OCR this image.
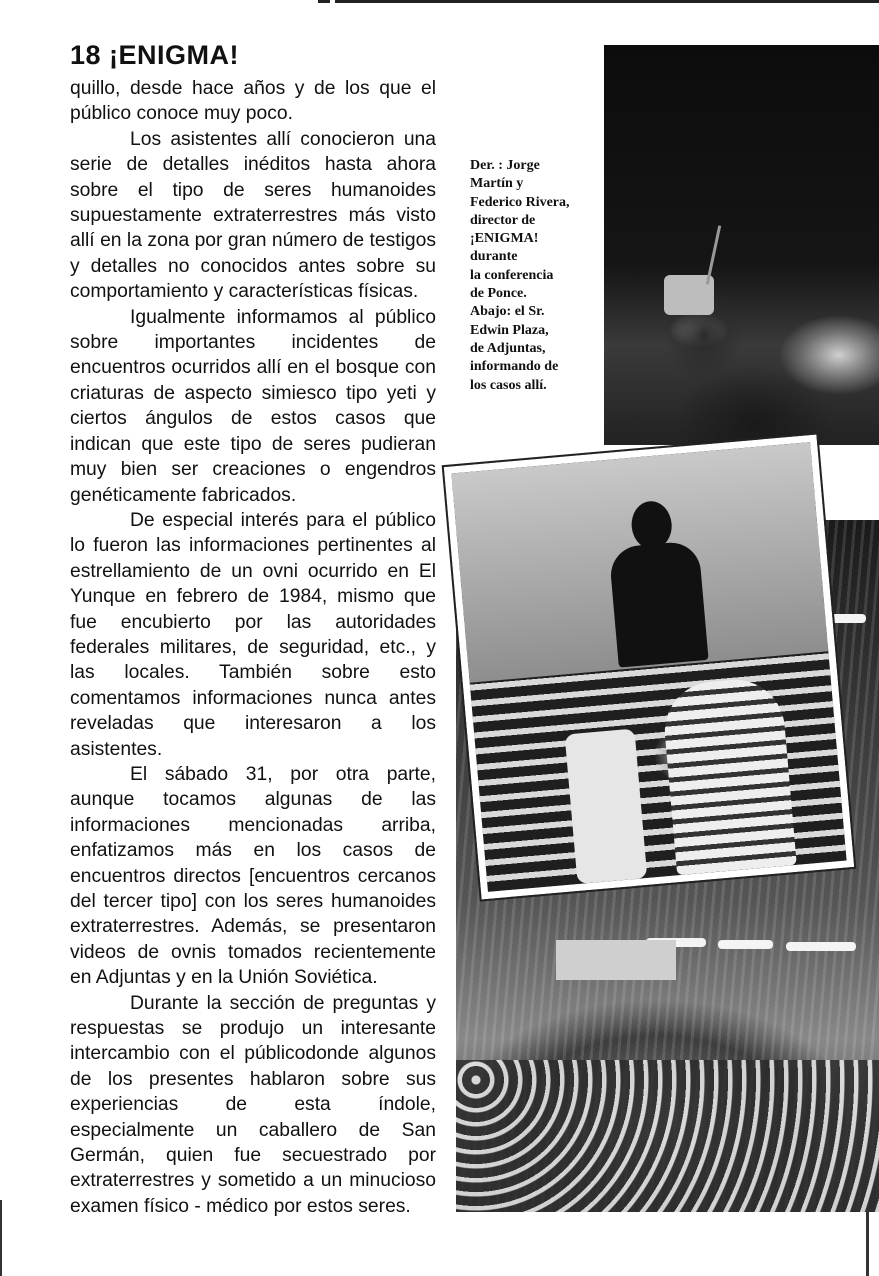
18 ¡ENIGMA!

quillo, desde hace años y de los que el público conoce muy poco.

Los asistentes allí conocieron una serie de detalles inéditos hasta ahora sobre el tipo de seres humanoides supuestamente extraterrestres más visto allí en la zona por gran número de testigos y detalles no conocidos antes sobre su comportamiento y características físicas.

Igualmente informamos al público sobre importantes incidentes de encuentros ocurridos allí en el bosque con criaturas de aspecto simiesco tipo yeti y ciertos ángulos de estos casos que indican que este tipo de seres pudieran muy bien ser creaciones o engendros genéticamente fabricados.

De especial interés para el público lo fueron las informaciones pertinentes al estrellamiento de un ovni ocurrido en El Yunque en febrero de 1984, mismo que fue encubierto por las autoridades federales militares, de seguridad, etc., y las locales. También sobre esto comentamos informaciones nunca antes reveladas que interesaron a los asistentes.

El sábado 31, por otra parte, aunque tocamos algunas de las informaciones mencionadas arriba, enfatizamos más en los casos de encuentros directos [encuentros cercanos del tercer tipo] con los seres humanoides extraterrestres. Además, se presentaron videos de ovnis tomados recientemente en Adjuntas y en la Unión Soviética.

Durante la sección de preguntas y respuestas se produjo un interesante intercambio con el públicodonde algunos de los presentes hablaron sobre sus experiencias de esta índole, especialmente un caballero de San Germán, quien fue secuestrado por extraterrestres y sometido a un minucioso examen físico - médico por estos seres.

Der. : Jorge
Martín y
Federico Rivera,
director de
¡ENIGMA!
durante
la conferencia
de Ponce.
Abajo: el Sr.
Edwin Plaza,
de Adjuntas,
informando de
los casos allí.
